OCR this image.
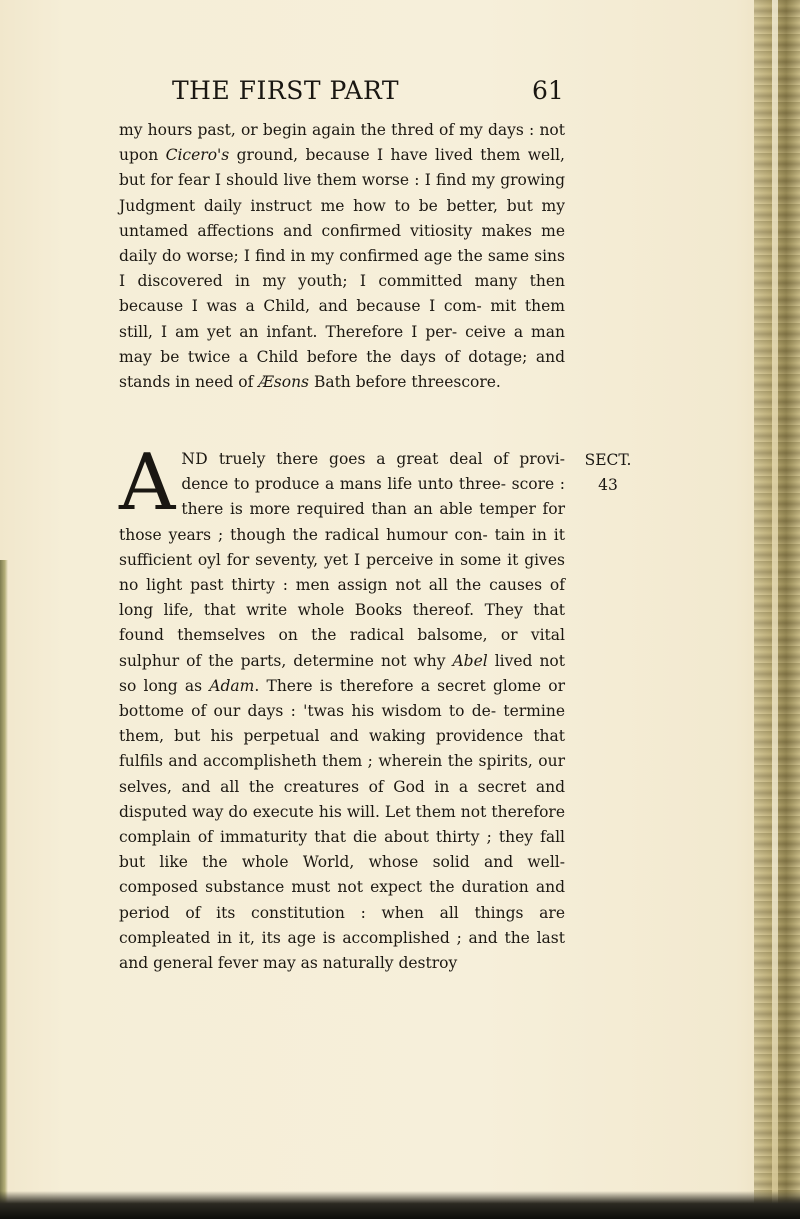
THE FIRST PART	61

my hours past, or begin again the thred of my days : not upon Cicero's ground, because I have lived them well, but for fear I should live them worse : I find my growing Judgment daily instruct me how to be better, but my untamed affections and confirmed vitiosity makes me daily do worse; I find in my confirmed age the same sins I discovered in my youth; I committed many then because I was a Child, and because I com- mit them still, I am yet an infant. Therefore I per- ceive a man may be twice a Child before the days of dotage; and stands in need of Æsons Bath before threescore.

SECT.
43

AND truely there goes a great deal of provi- dence to produce a mans life unto three- score : there is more required than an able temper for those years ; though the radical humour con- tain in it sufficient oyl for seventy, yet I perceive in some it gives no light past thirty : men assign not all the causes of long life, that write whole Books thereof. They that found themselves on the radical balsome, or vital sulphur of the parts, determine not why Abel lived not so long as Adam. There is therefore a secret glome or bottome of our days : 'twas his wisdom to de- termine them, but his perpetual and waking providence that fulfils and accomplisheth them ; wherein the spirits, our selves, and all the creatures of God in a secret and disputed way do execute his will. Let them not therefore complain of immaturity that die about thirty ; they fall but like the whole World, whose solid and well-composed substance must not expect the duration and period of its constitution : when all things are compleated in it, its age is accomplished ; and the last and general fever may as naturally destroy
